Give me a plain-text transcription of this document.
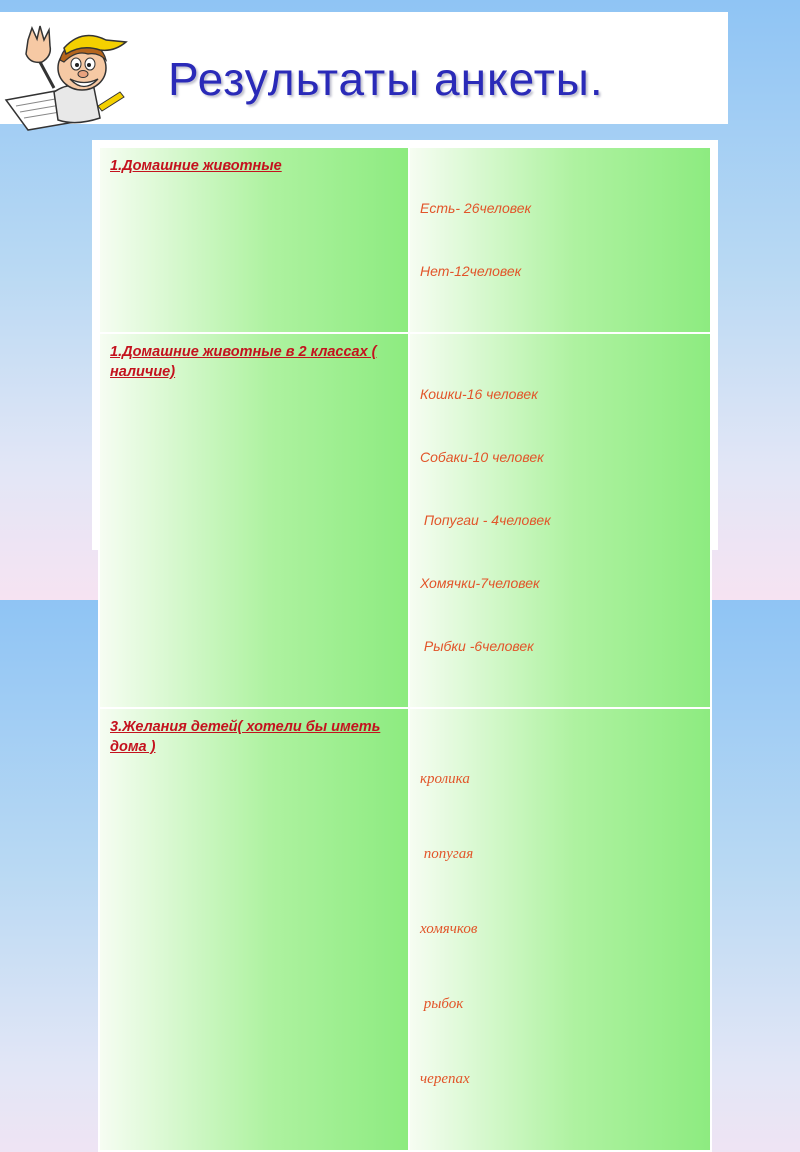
Результаты анкеты.
1.Домашние животные	Есть- 26человек

Нет-12человек

1.Домашние животные в 2 классах ( наличие)	Кошки-16 человек

Собаки-10 человек

Попугаи - 4человек

Хомячки-7человек

Рыбки -6человек

3.Желания детей( хотели бы иметь дома )	кролика

попугая

хомячков

рыбок

черепах
